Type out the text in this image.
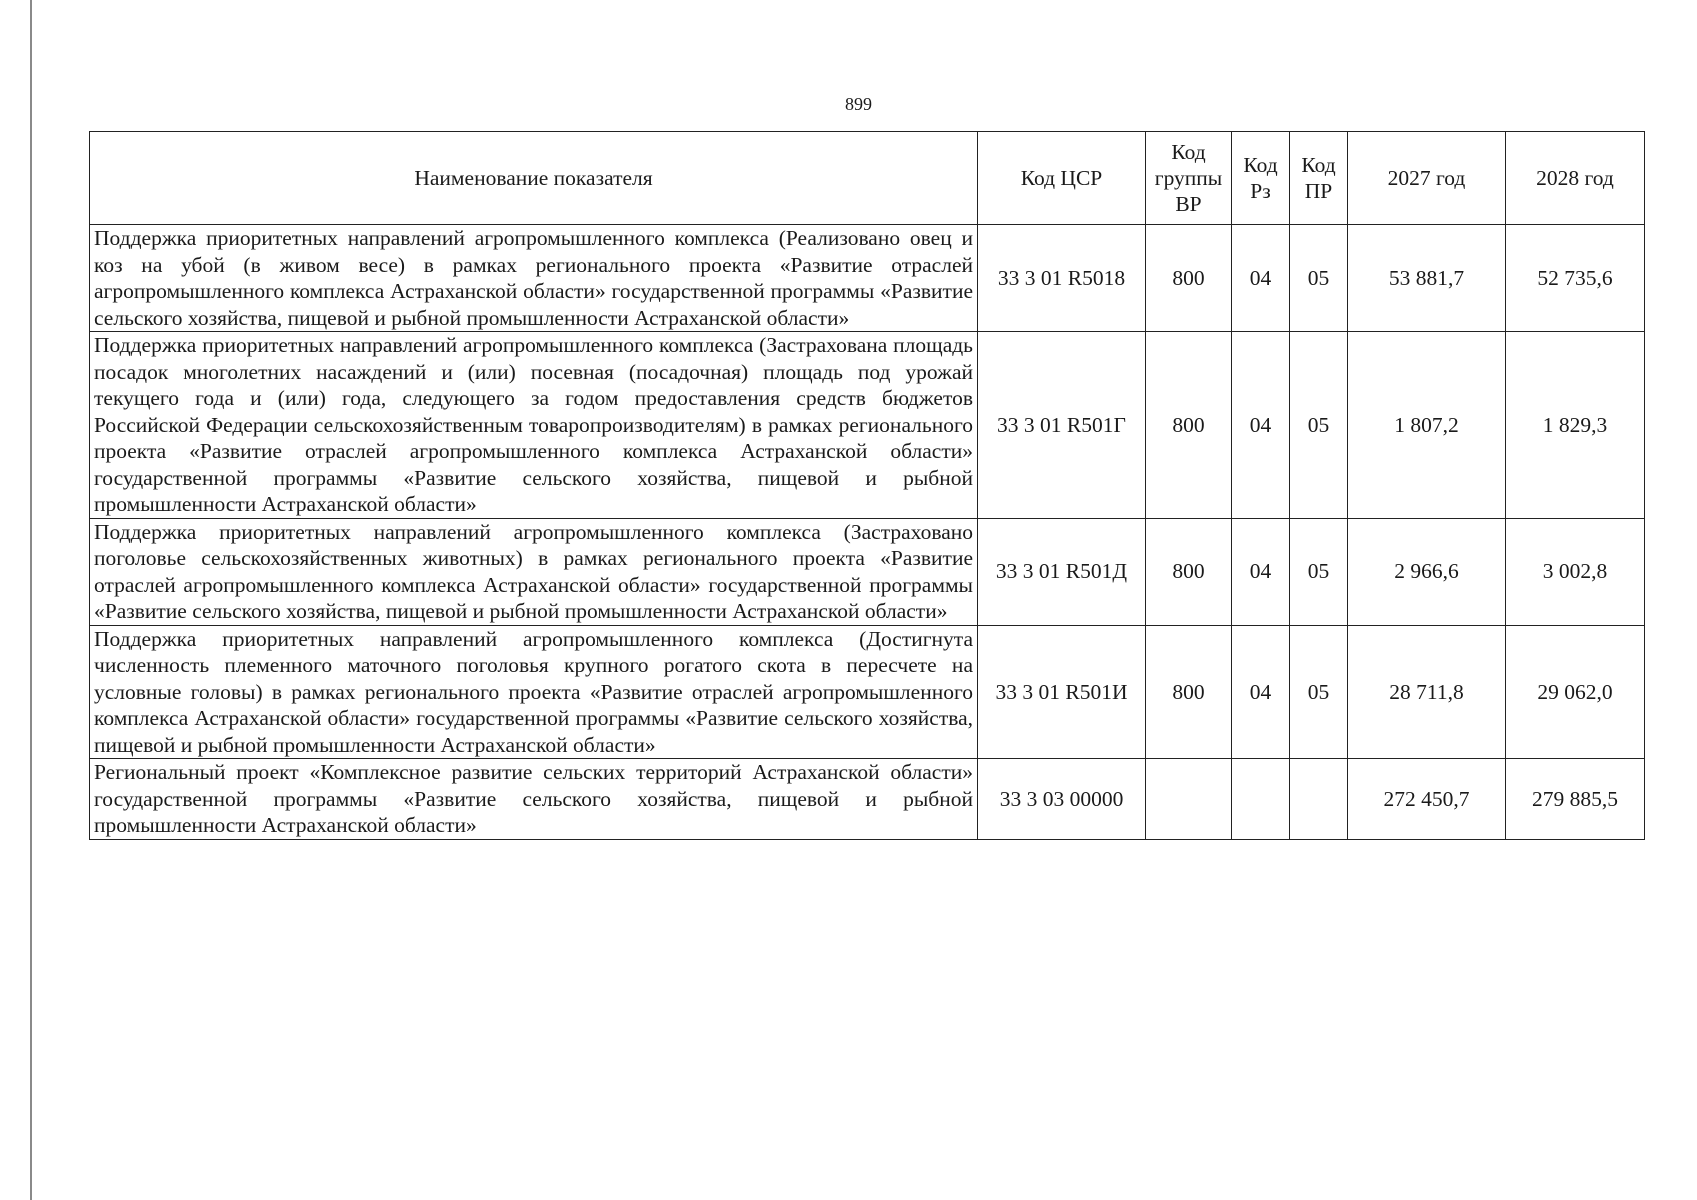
899
Наименование показателя	Код ЦСР	Код группы ВР	Код Рз	Код ПР	2027 год	2028 год
Поддержка приоритетных направлений агропромышленного комплекса (Реализовано овец и коз на убой (в живом весе) в рамках регионального проекта «Развитие отраслей агропромышленного комплекса Астраханской области» государственной программы «Развитие сельского хозяйства, пищевой и рыбной промышленности Астраханской области»	33 3 01 R5018	800	04	05	53 881,7	52 735,6
Поддержка приоритетных направлений агропромышленного комплекса (Застрахована площадь посадок многолетних насаждений и (или) посевная (посадочная) площадь под урожай текущего года и (или) года, следующего за годом предоставления средств бюджетов Российской Федерации сельскохозяйственным товаропроизводителям) в рамках регионального проекта «Развитие отраслей агропромышленного комплекса Астраханской области» государственной программы «Развитие сельского хозяйства, пищевой и рыбной промышленности Астраханской области»	33 3 01 R501Г	800	04	05	1 807,2	1 829,3
Поддержка приоритетных направлений агропромышленного комплекса (Застраховано поголовье сельскохозяйственных животных) в рамках регионального проекта «Развитие отраслей агропромышленного комплекса Астраханской области» государственной программы «Развитие сельского хозяйства, пищевой и рыбной промышленности Астраханской области»	33 3 01 R501Д	800	04	05	2 966,6	3 002,8
Поддержка приоритетных направлений агропромышленного комплекса (Достигнута численность племенного маточного поголовья крупного рогатого скота в пересчете на условные головы) в рамках регионального проекта «Развитие отраслей агропромышленного комплекса Астраханской области» государственной программы «Развитие сельского хозяйства, пищевой и рыбной промышленности Астраханской области»	33 3 01 R501И	800	04	05	28 711,8	29 062,0
Региональный проект «Комплексное развитие сельских территорий Астраханской области» государственной программы «Развитие сельского хозяйства, пищевой и рыбной промышленности Астраханской области»	33 3 03 00000				272 450,7	279 885,5
